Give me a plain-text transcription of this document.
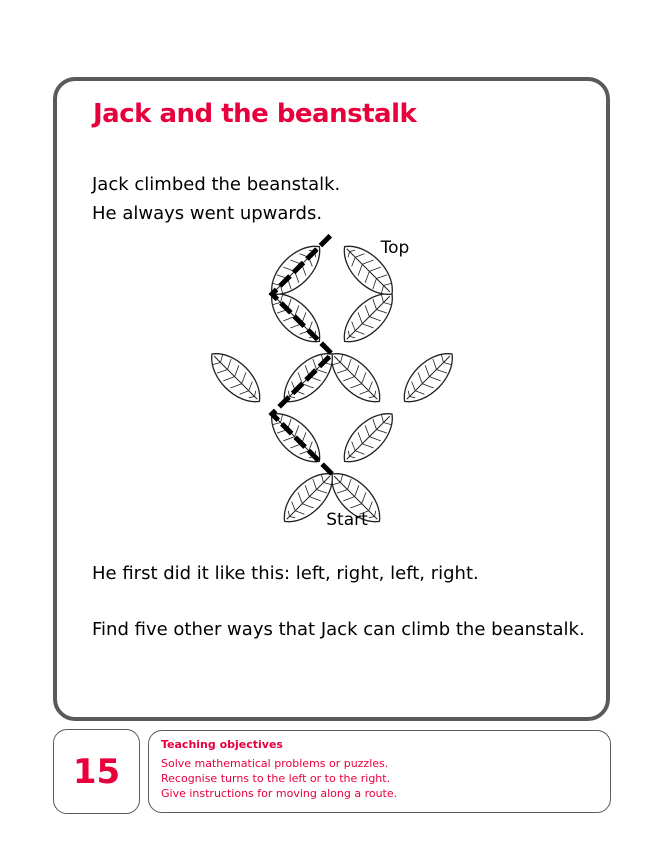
Jack and the beanstalk

Jack climbed the beanstalk.
He always went upwards.

Top
Start

He first did it like this: left, right, left, right.

Find five other ways that Jack can climb the beanstalk.

15

Teaching objectives

Solve mathematical problems or puzzles.
Recognise turns to the left or to the right.
Give instructions for moving along a route.
